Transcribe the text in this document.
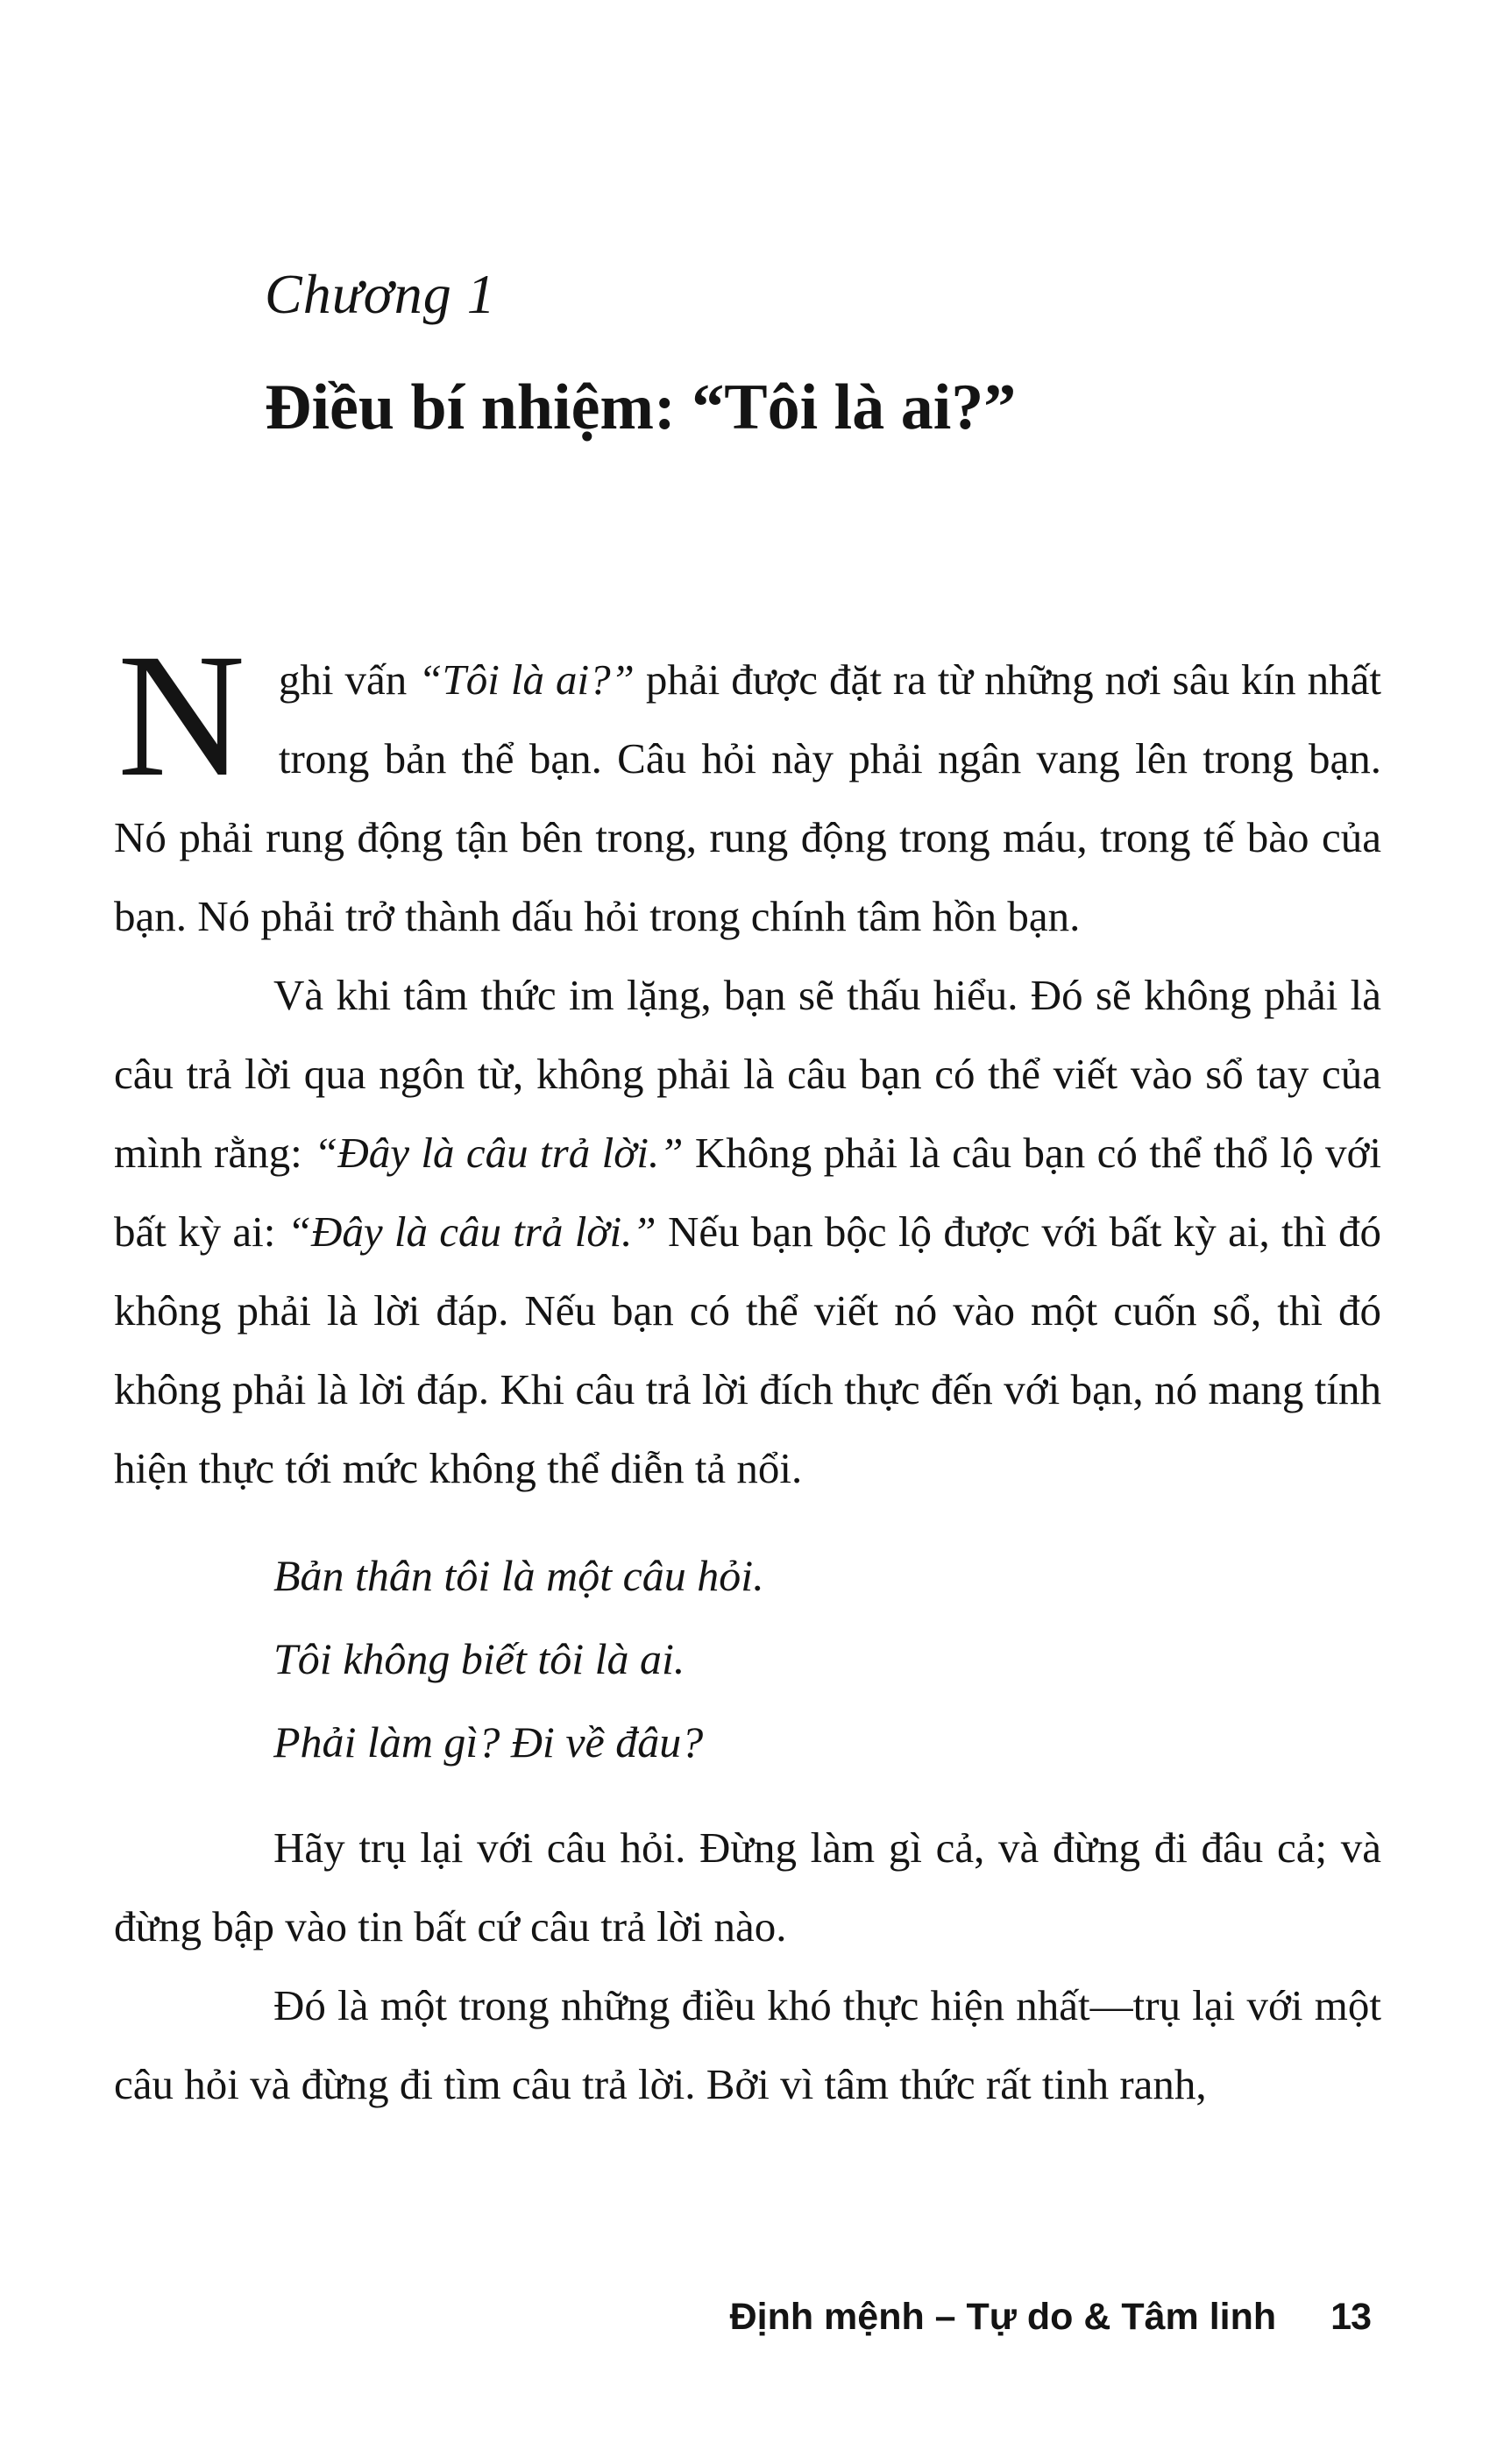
Chương 1
Điều bí nhiệm: “Tôi là ai?”

Nghi vấn “Tôi là ai?” phải được đặt ra từ những nơi sâu kín nhất trong bản thể bạn. Câu hỏi này phải ngân vang lên trong bạn. Nó phải rung động tận bên trong, rung động trong máu, trong tế bào của bạn. Nó phải trở thành dấu hỏi trong chính tâm hồn bạn.

Và khi tâm thức im lặng, bạn sẽ thấu hiểu. Đó sẽ không phải là câu trả lời qua ngôn từ, không phải là câu bạn có thể viết vào sổ tay của mình rằng: “Đây là câu trả lời.” Không phải là câu bạn có thể thổ lộ với bất kỳ ai: “Đây là câu trả lời.” Nếu bạn bộc lộ được với bất kỳ ai, thì đó không phải là lời đáp. Nếu bạn có thể viết nó vào một cuốn sổ, thì đó không phải là lời đáp. Khi câu trả lời đích thực đến với bạn, nó mang tính hiện thực tới mức không thể diễn tả nổi.

Bản thân tôi là một câu hỏi.
Tôi không biết tôi là ai.
Phải làm gì? Đi về đâu?

Hãy trụ lại với câu hỏi. Đừng làm gì cả, và đừng đi đâu cả; và đừng bập vào tin bất cứ câu trả lời nào.

Đó là một trong những điều khó thực hiện nhất—trụ lại với một câu hỏi và đừng đi tìm câu trả lời. Bởi vì tâm thức rất tinh ranh,

Định mệnh – Tự do & Tâm linh 13
